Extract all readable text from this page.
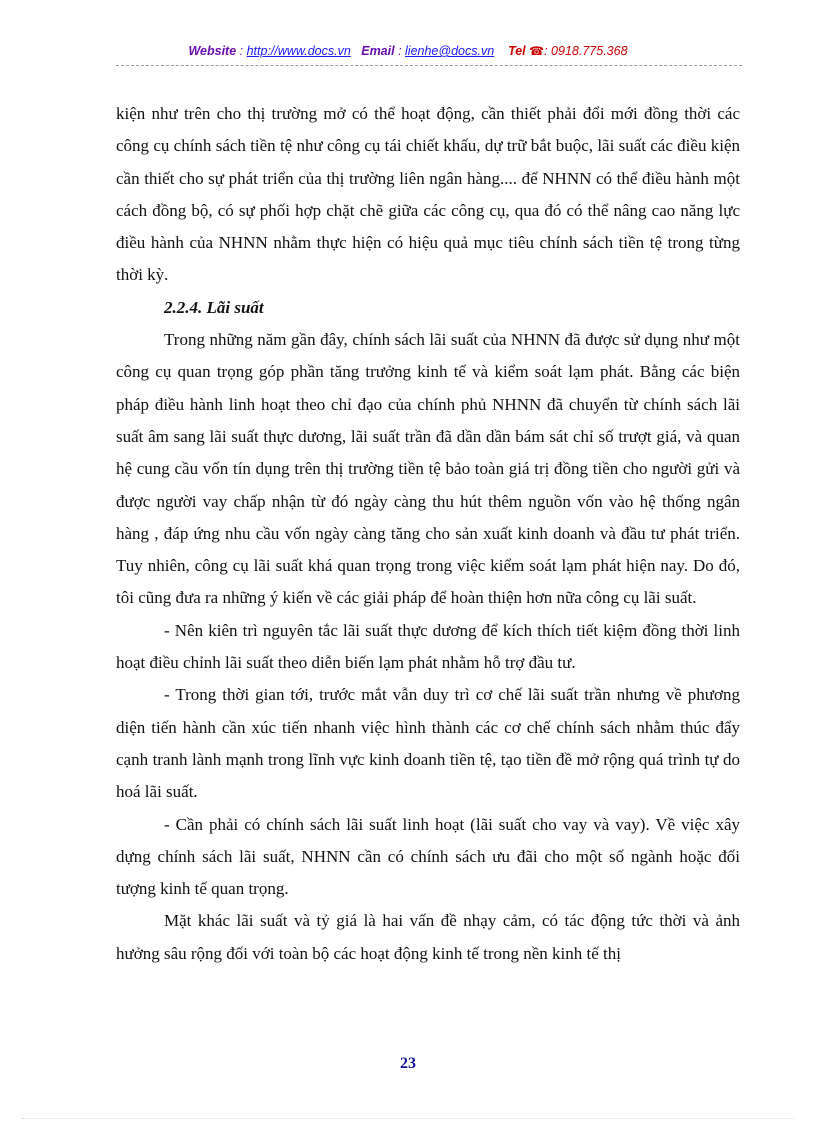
Website : http://www.docs.vn Email : lienhe@docs.vn Tel ☎: 0918.775.368

kiện như trên cho thị trường mở có thể hoạt động, cần thiết phải đổi mới đồng thời các công cụ chính sách tiền tệ như công cụ tái chiết khấu, dự trữ bắt buộc, lãi suất các điều kiện cần thiết cho sự phát triển của thị trường liên ngân hàng.... để NHNN có thể điều hành một cách đồng bộ, có sự phối hợp chặt chẽ giữa các công cụ, qua đó có thể nâng cao năng lực điều hành của NHNN nhằm thực hiện có hiệu quả mục tiêu chính sách tiền tệ trong từng thời kỳ.

2.2.4. Lãi suất

Trong những năm gần đây, chính sách lãi suất của NHNN đã được sử dụng như một công cụ quan trọng góp phần tăng trưởng kinh tế và kiểm soát lạm phát. Bằng các biện pháp điều hành linh hoạt theo chỉ đạo của chính phủ NHNN đã chuyển từ chính sách lãi suất âm sang lãi suất thực dương, lãi suất trần đã dần dần bám sát chỉ số trượt giá, và quan hệ cung cầu vốn tín dụng trên thị trường tiền tệ bảo toàn giá trị đồng tiền cho người gửi và được người vay chấp nhận từ đó ngày càng thu hút thêm nguồn vốn vào hệ thống ngân hàng , đáp ứng nhu cầu vốn ngày càng tăng cho sản xuất kinh doanh và đầu tư phát triển. Tuy nhiên, công cụ lãi suất khá quan trọng trong việc kiểm soát lạm phát hiện nay. Do đó, tôi cũng đưa ra những ý kiến về các giải pháp để hoàn thiện hơn nữa công cụ lãi suất.

- Nên kiên trì nguyên tắc lãi suất thực dương để kích thích tiết kiệm đồng thời linh hoạt điều chỉnh lãi suất theo diễn biến lạm phát nhằm hỗ trợ đầu tư.

- Trong thời gian tới, trước mắt vẫn duy trì cơ chế lãi suất trần nhưng về phương diện tiến hành cần xúc tiến nhanh việc hình thành các cơ chế chính sách nhằm thúc đẩy cạnh tranh lành mạnh trong lĩnh vực kinh doanh tiền tệ, tạo tiền đề mở rộng quá trình tự do hoá lãi suất.

- Cần phải có chính sách lãi suất linh hoạt (lãi suất cho vay và vay). Về việc xây dựng chính sách lãi suất, NHNN cần có chính sách ưu đãi cho một số ngành hoặc đối tượng kinh tế quan trọng.

Mặt khác lãi suất và tỷ giá là hai vấn đề nhạy cảm, có tác động tức thời và ảnh hưởng sâu rộng đối với toàn bộ các hoạt động kinh tế trong nền kinh tế thị

23
